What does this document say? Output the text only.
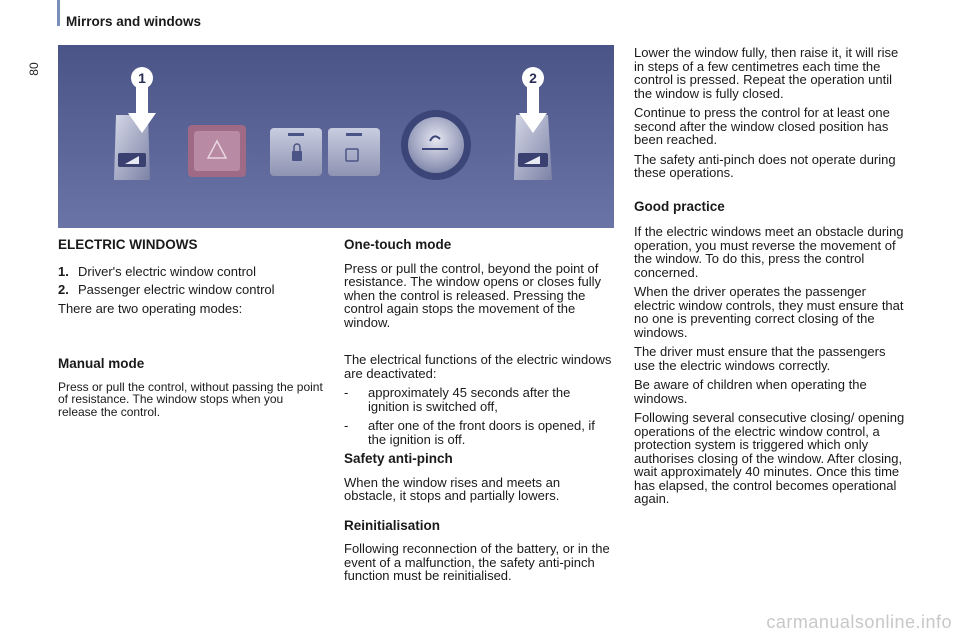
80
Mirrors and windows
1	2
ELECTRIC WINDOWS
1. Driver's electric window control
2. Passenger electric window control
There are two operating modes:
Manual mode
Press or pull the control, without passing the point of resistance. The window stops when you release the control.
One-touch mode

Press or pull the control, beyond the point of resistance. The window opens or closes fully when the control is released. Pressing the control again stops the movement of the window.

The electrical functions of the electric windows are deactivated:

- approximately 45 seconds after the ignition is switched off,
- after one of the front doors is opened, if the ignition is off.
Safety anti-pinch

When the window rises and meets an obstacle, it stops and partially lowers.

Reinitialisation

Following reconnection of the battery, or in the event of a malfunction, the safety anti-pinch function must be reinitialised.

Lower the window fully, then raise it, it will rise in steps of a few centimetres each time the control is pressed. Repeat the operation until the window is fully closed.

Continue to press the control for at least one second after the window closed position has been reached.

The safety anti-pinch does not operate during these operations.

Good practice

If the electric windows meet an obstacle during operation, you must reverse the movement of the window. To do this, press the control concerned.

When the driver operates the passenger electric window controls, they must ensure that no one is preventing correct closing of the windows.

The driver must ensure that the passengers use the electric windows correctly.

Be aware of children when operating the windows.

Following several consecutive closing/ opening operations of the electric window control, a protection system is triggered which only authorises closing of the window. After closing, wait approximately 40 minutes. Once this time has elapsed, the control becomes operational again.

carmanualsonline.info
